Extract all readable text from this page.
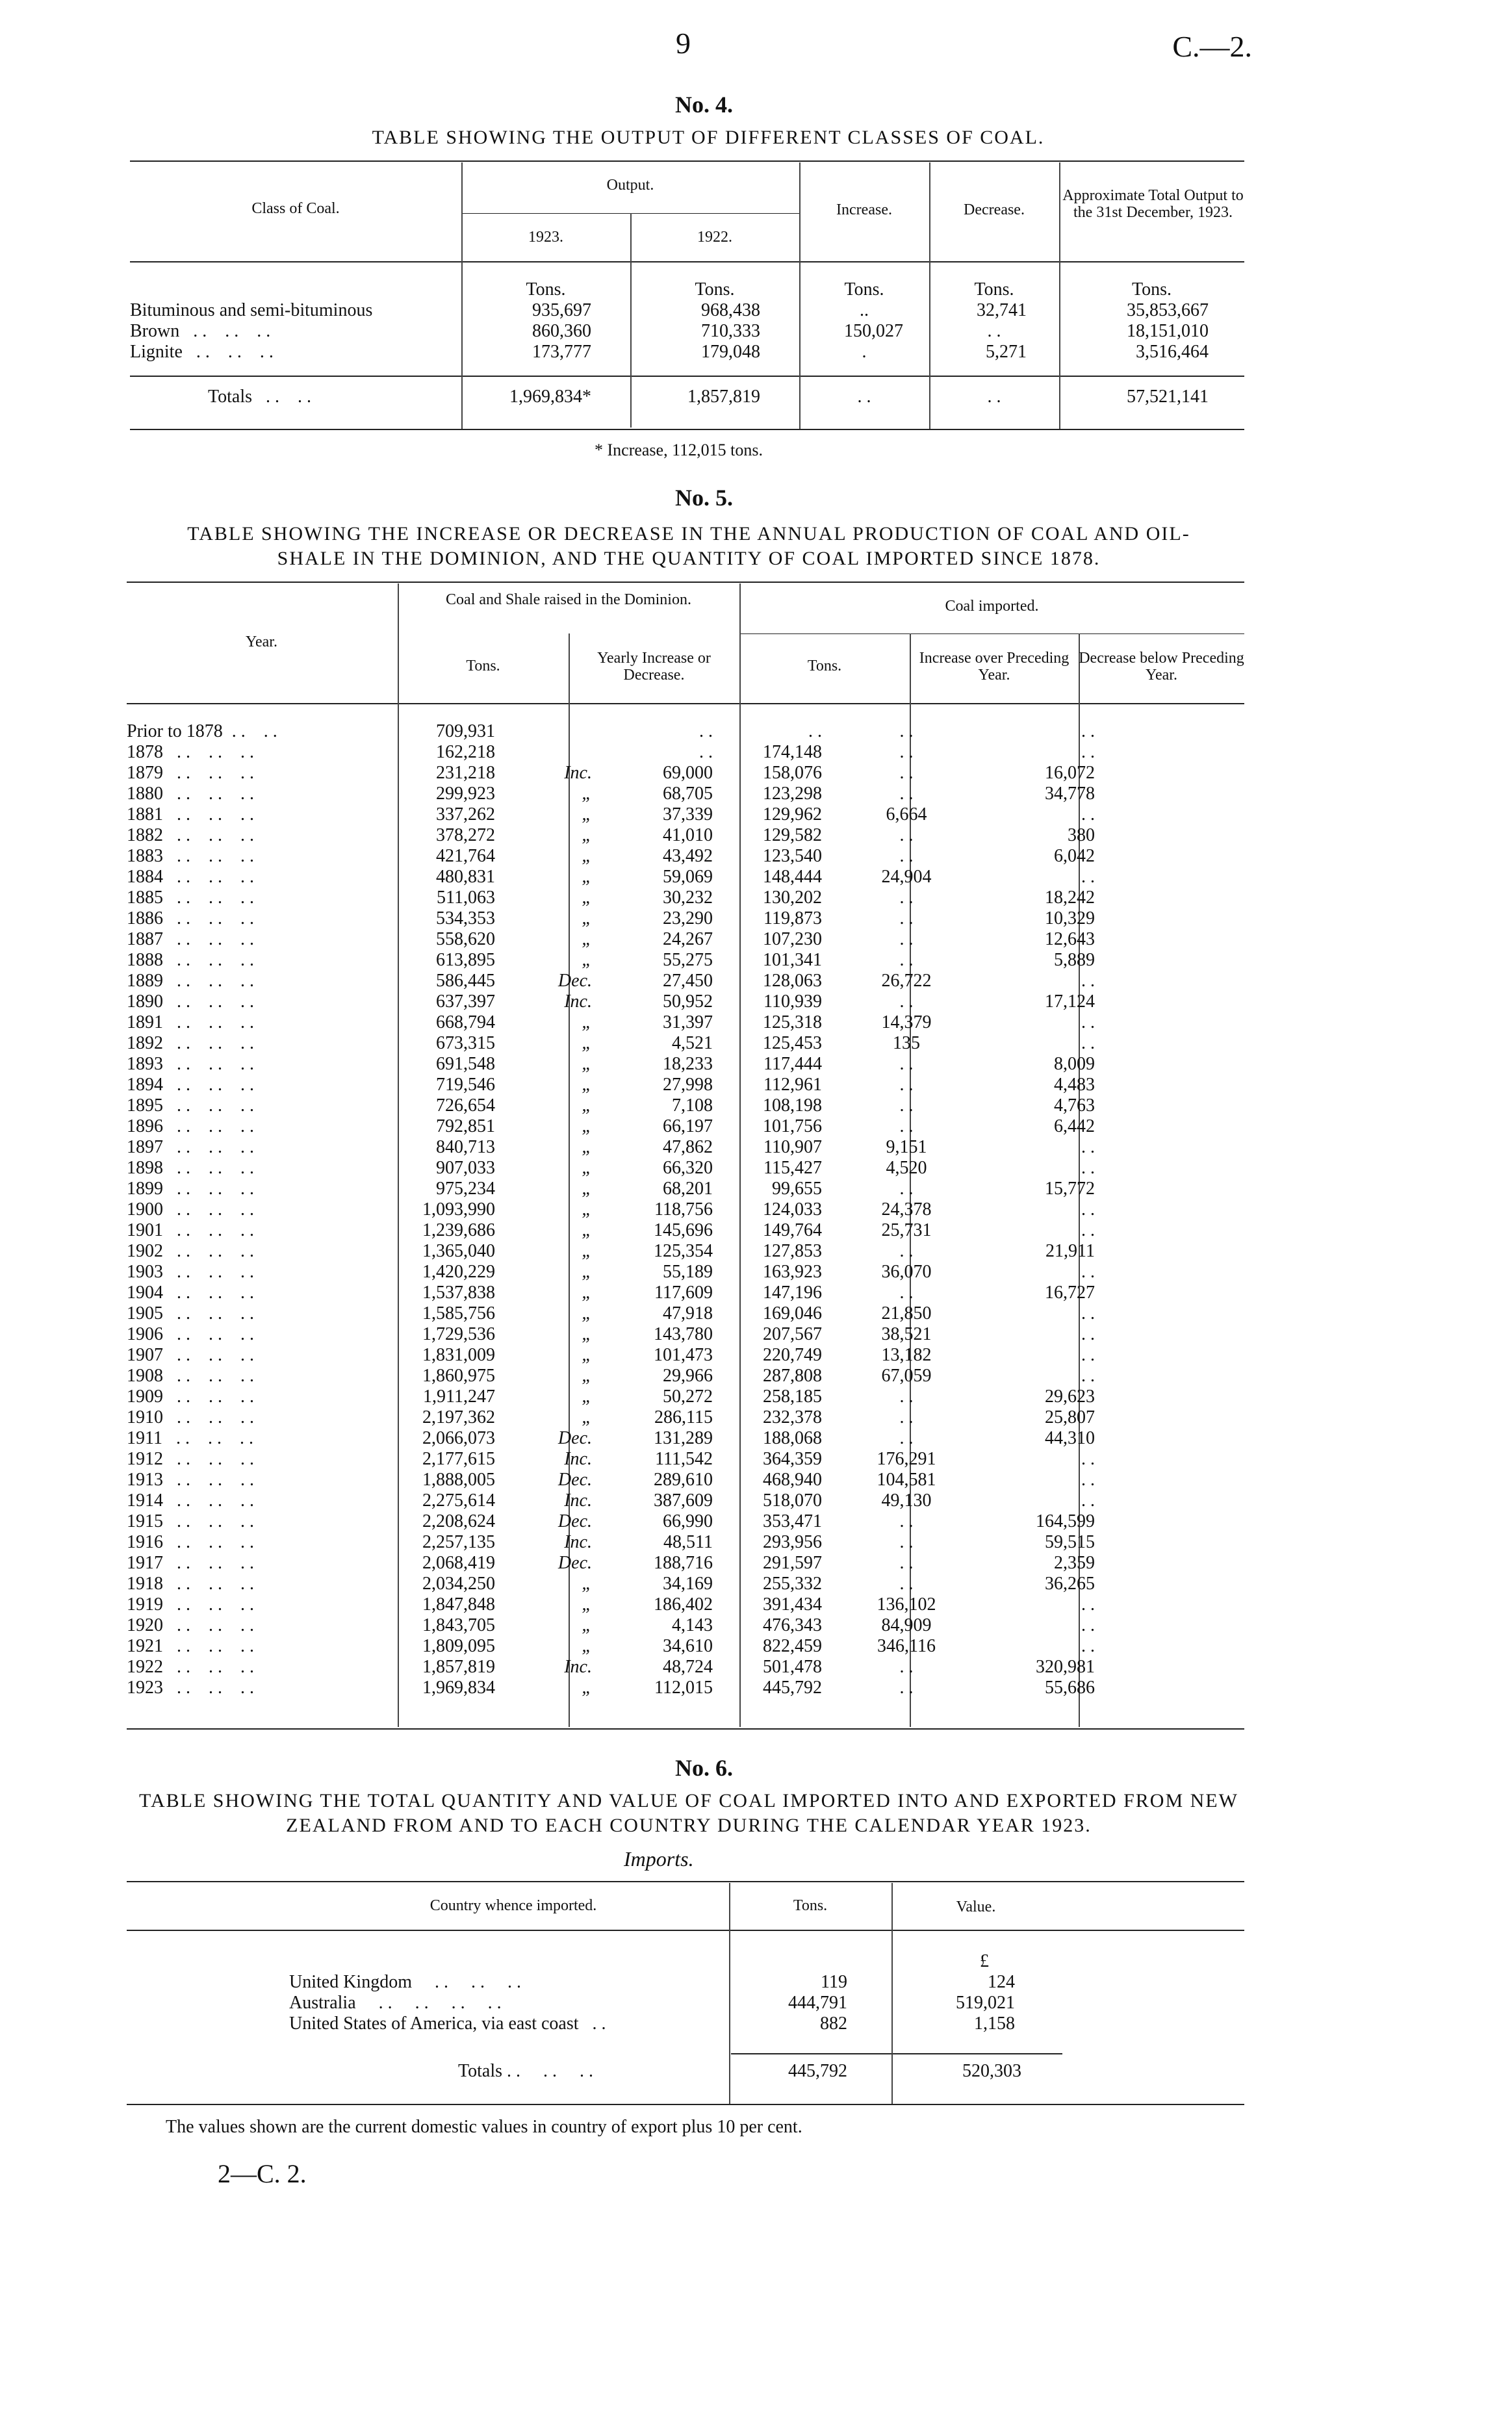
9	C.—2.
No. 4.
TABLE SHOWING THE OUTPUT OF DIFFERENT CLASSES OF COAL.
Class of Coal.
Output.
1923.	1922.
Increase.	Decrease.
Approximate Total Output to the 31st December, 1923.
Tons.	Tons.	Tons.	Tons.	Tons.
Bituminous and semi-bituminous	935,697	968,438	..	32,741	35,853,667
Brown   . .    . .    . .	860,360	710,333	150,027	. .	18,151,010
Lignite   . .    . .    . .	173,777	179,048	.	5,271	3,516,464
Totals   . .    . .	1,969,834*	1,857,819	. .	. .	57,521,141
* Increase, 112,015 tons.
No. 5.
TABLE SHOWING THE INCREASE OR DECREASE IN THE ANNUAL PRODUCTION OF COAL AND OIL-
SHALE IN THE DOMINION, AND THE QUANTITY OF COAL IMPORTED SINCE 1878.
Year.
Coal and Shale raised in the Dominion.	Coal imported.
Tons.	Yearly Increase or Decrease.
Tons.	Increase over Preceding Year.
Decrease below Preceding Year.
Prior to 1878  . .    . .	709,931		. .	. .	. .	. .
1878   . .    . .    . .	162,218		. .	174,148	. .	. .
1879   . .    . .    . .	231,218	Inc.	69,000	158,076	. .	16,072
1880   . .    . .    . .	299,923	„	68,705	123,298	. .	34,778
1881   . .    . .    . .	337,262	„	37,339	129,962	6,664	. .
1882   . .    . .    . .	378,272	„	41,010	129,582	. .	380
1883   . .    . .    . .	421,764	„	43,492	123,540	. .	6,042
1884   . .    . .    . .	480,831	„	59,069	148,444	24,904	. .
1885   . .    . .    . .	511,063	„	30,232	130,202	. .	18,242
1886   . .    . .    . .	534,353	„	23,290	119,873	. .	10,329
1887   . .    . .    . .	558,620	„	24,267	107,230	. .	12,643
1888   . .    . .    . .	613,895	„	55,275	101,341	. .	5,889
1889   . .    . .    . .	586,445	Dec.	27,450	128,063	26,722	. .
1890   . .    . .    . .	637,397	Inc.	50,952	110,939	. .	17,124
1891   . .    . .    . .	668,794	„	31,397	125,318	14,379	. .
1892   . .    . .    . .	673,315	„	4,521	125,453	135	. .
1893   . .    . .    . .	691,548	„	18,233	117,444	. .	8,009
1894   . .    . .    . .	719,546	„	27,998	112,961	. .	4,483
1895   . .    . .    . .	726,654	„	7,108	108,198	. .	4,763
1896   . .    . .    . .	792,851	„	66,197	101,756	. .	6,442
1897   . .    . .    . .	840,713	„	47,862	110,907	9,151	. .
1898   . .    . .    . .	907,033	„	66,320	115,427	4,520	. .
1899   . .    . .    . .	975,234	„	68,201	99,655	. .	15,772
1900   . .    . .    . .	1,093,990	„	118,756	124,033	24,378	. .
1901   . .    . .    . .	1,239,686	„	145,696	149,764	25,731	. .
1902   . .    . .    . .	1,365,040	„	125,354	127,853	. .	21,911
1903   . .    . .    . .	1,420,229	„	55,189	163,923	36,070	. .
1904   . .    . .    . .	1,537,838	„	117,609	147,196	. .	16,727
1905   . .    . .    . .	1,585,756	„	47,918	169,046	21,850	. .
1906   . .    . .    . .	1,729,536	„	143,780	207,567	38,521	. .
1907   . .    . .    . .	1,831,009	„	101,473	220,749	13,182	. .
1908   . .    . .    . .	1,860,975	„	29,966	287,808	67,059	. .
1909   . .    . .    . .	1,911,247	„	50,272	258,185	. .	29,623
1910   . .    . .    . .	2,197,362	„	286,115	232,378	. .	25,807
1911   . .    . .    . .	2,066,073	Dec.	131,289	188,068	. .	44,310
1912   . .    . .    . .	2,177,615	Inc.	111,542	364,359	176,291	. .
1913   . .    . .    . .	1,888,005	Dec.	289,610	468,940	104,581	. .
1914   . .    . .    . .	2,275,614	Inc.	387,609	518,070	49,130	. .
1915   . .    . .    . .	2,208,624	Dec.	66,990	353,471	. .	164,599
1916   . .    . .    . .	2,257,135	Inc.	48,511	293,956	. .	59,515
1917   . .    . .    . .	2,068,419	Dec.	188,716	291,597	. .	2,359
1918   . .    . .    . .	2,034,250	„	34,169	255,332	. .	36,265
1919   . .    . .    . .	1,847,848	„	186,402	391,434	136,102	. .
1920   . .    . .    . .	1,843,705	„	4,143	476,343	84,909	. .
1921   . .    . .    . .	1,809,095	„	34,610	822,459	346,116	. .
1922   . .    . .    . .	1,857,819	Inc.	48,724	501,478	. .	320,981
1923   . .    . .    . .	1,969,834	„	112,015	445,792	. .	55,686
No. 6.
TABLE SHOWING THE TOTAL QUANTITY AND VALUE OF COAL IMPORTED INTO AND EXPORTED FROM NEW
ZEALAND FROM AND TO EACH COUNTRY DURING THE CALENDAR YEAR 1923.
Imports.
Country whence imported.	Tons.	Value.
£
United Kingdom     . .     . .     . .	119	124
Australia     . .     . .     . .     . .	444,791	519,021
United States of America, via east coast   . .	882	1,158
Totals . .     . .     . .	445,792	520,303
The values shown are the current domestic values in country of export plus 10 per cent.
2—C. 2.
